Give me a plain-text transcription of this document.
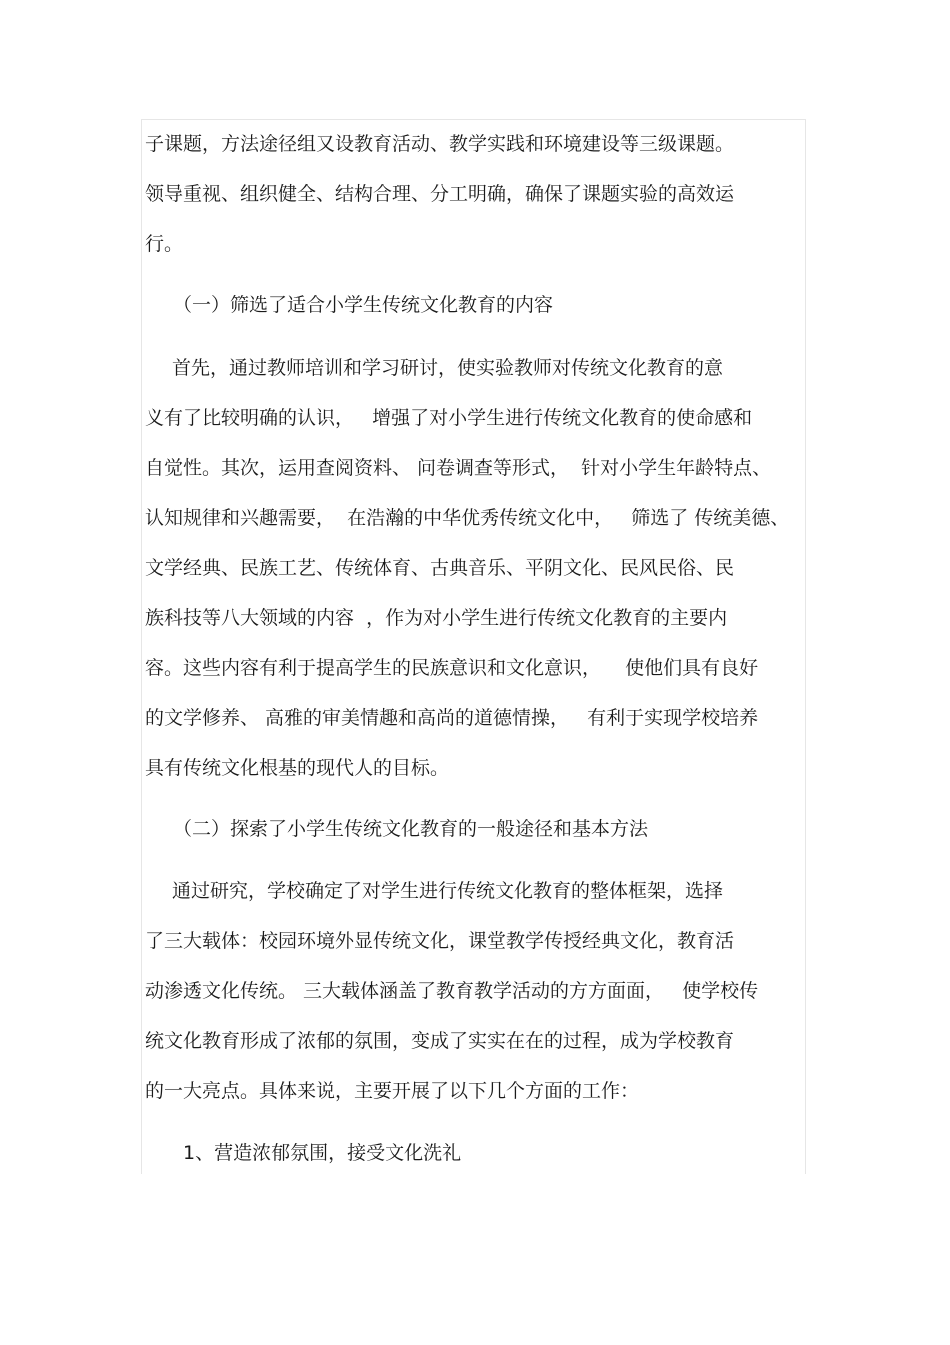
子课题，方法途径组又设教育活动、教学实践和环境建设等三级课题。
领导重视、组织健全、结构合理、分工明确，确保了课题实验的高效运
行。
（一）筛选了适合小学生传统文化教育的内容
首先，通过教师培训和学习研讨，使实验教师对传统文化教育的意
义有了比较明确的认识，   增强了对小学生进行传统文化教育的使命感和
自觉性。其次，运用查阅资料、 问卷调查等形式，  针对小学生年龄特点、
认知规律和兴趣需要，  在浩瀚的中华优秀传统文化中，   筛选了 传统美德、
文学经典、民族工艺、传统体育、古典音乐、平阴文化、民风民俗、民
族科技等八大领域的内容  ，作为对小学生进行传统文化教育的主要内
容。这些内容有利于提高学生的民族意识和文化意识，    使他们具有良好
的文学修养、 高雅的审美情趣和高尚的道德情操，   有利于实现学校培养
具有传统文化根基的现代人的目标。
（二）探索了小学生传统文化教育的一般途径和基本方法
通过研究，学校确定了对学生进行传统文化教育的整体框架，选择
了三大载体：校园环境外显传统文化，课堂教学传授经典文化，教育活
动渗透文化传统。 三大载体涵盖了教育教学活动的方方面面，   使学校传
统文化教育形成了浓郁的氛围，变成了实实在在的过程，成为学校教育
的一大亮点。具体来说，主要开展了以下几个方面的工作：
1、营造浓郁氛围，接受文化洗礼
